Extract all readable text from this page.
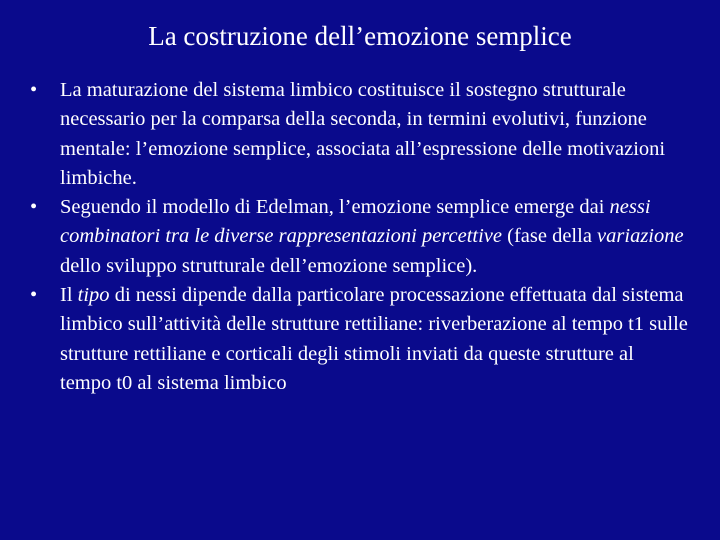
La costruzione dell’emozione semplice
•	La maturazione del sistema limbico costituisce il sostegno strutturale necessario per la comparsa della seconda, in termini evolutivi, funzione mentale: l’emozione semplice, associata all’espressione delle motivazioni limbiche.
•	Seguendo il modello di Edelman, l’emozione semplice emerge dai nessi combinatori tra le diverse rappresentazioni percettive (fase della variazione dello sviluppo strutturale dell’emozione semplice).
•	Il tipo di nessi dipende dalla particolare processazione effettuata dal sistema limbico sull’attività delle strutture rettiliane: riverberazione al tempo t1 sulle strutture rettiliane e corticali degli stimoli inviati da queste strutture al tempo t0 al sistema limbico
